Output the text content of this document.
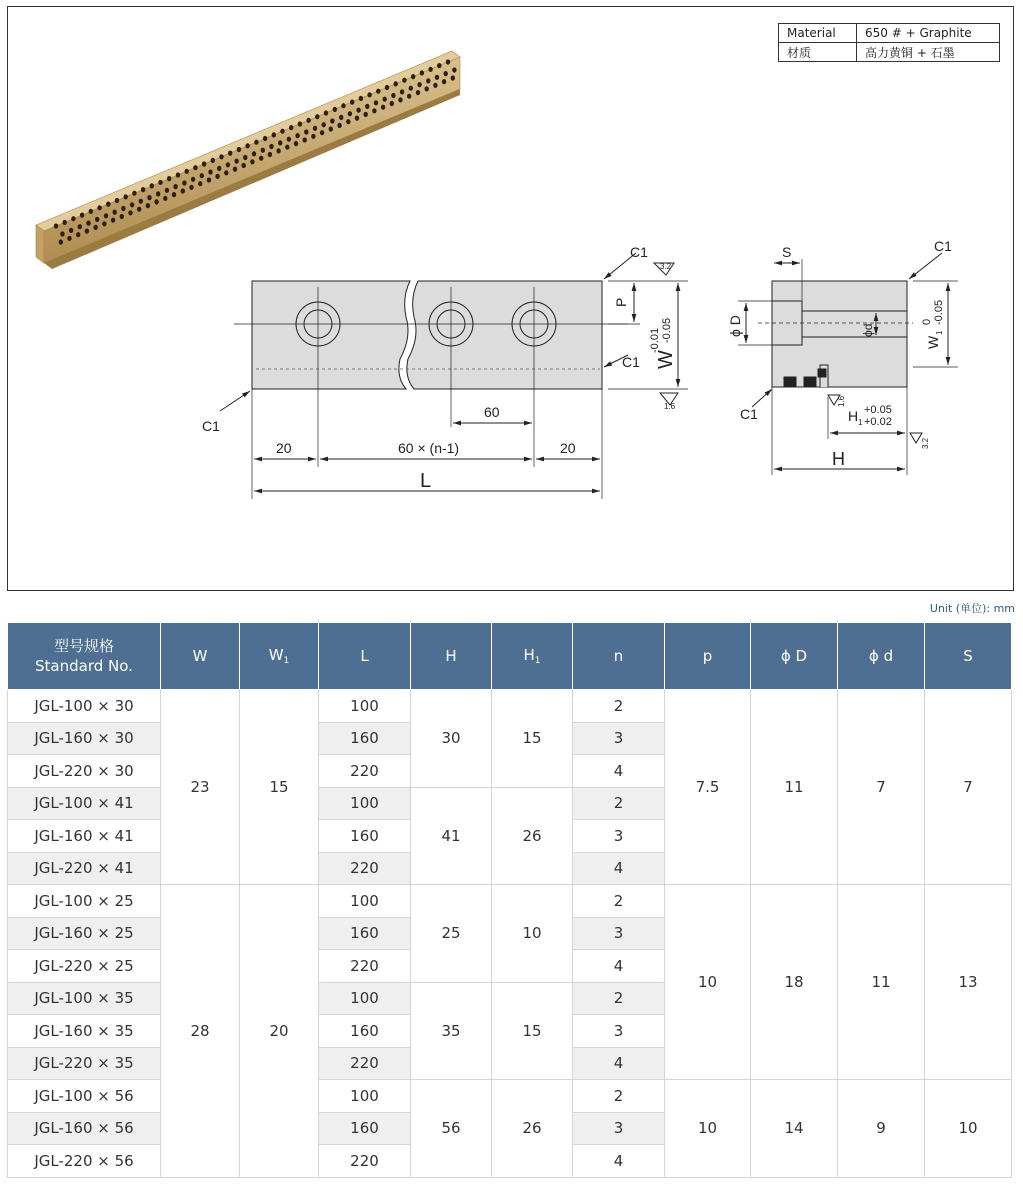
C1
C1
C1
C1
C1
P
W
-0.01 -0.05
3.2
1.6
60
20	20
60 × (n-1)
L
S
ϕ D	ϕd
W
1
0 -0.05
1.6
H 1
+0.05
+0.02
3.2
H
Material	650 # + Graphite
材质	高力黄铜 + 石墨
Unit (单位): mm
型号规格
Standard No.	W	$W_1$	L	H	$H_1$	n	p	ϕ D	ϕ d	S
JGL-100 × 30	23	15	100	30	15	2	7.5	11	7	7
JGL-160 × 30			160			3				
JGL-220 × 30			220			4				
JGL-100 × 41			100	41	26	2				
JGL-160 × 41			160			3				
JGL-220 × 41			220			4				
JGL-100 × 25	28	20	100	25	10	2	10	18	11	13
JGL-160 × 25			160			3				
JGL-220 × 25			220			4				
JGL-100 × 35			100	35	15	2				
JGL-160 × 35			160			3				
JGL-220 × 35			220			4				
JGL-100 × 56			100	56	26	2	10	14	9	10
JGL-160 × 56			160			3				
JGL-220 × 56			220			4				
